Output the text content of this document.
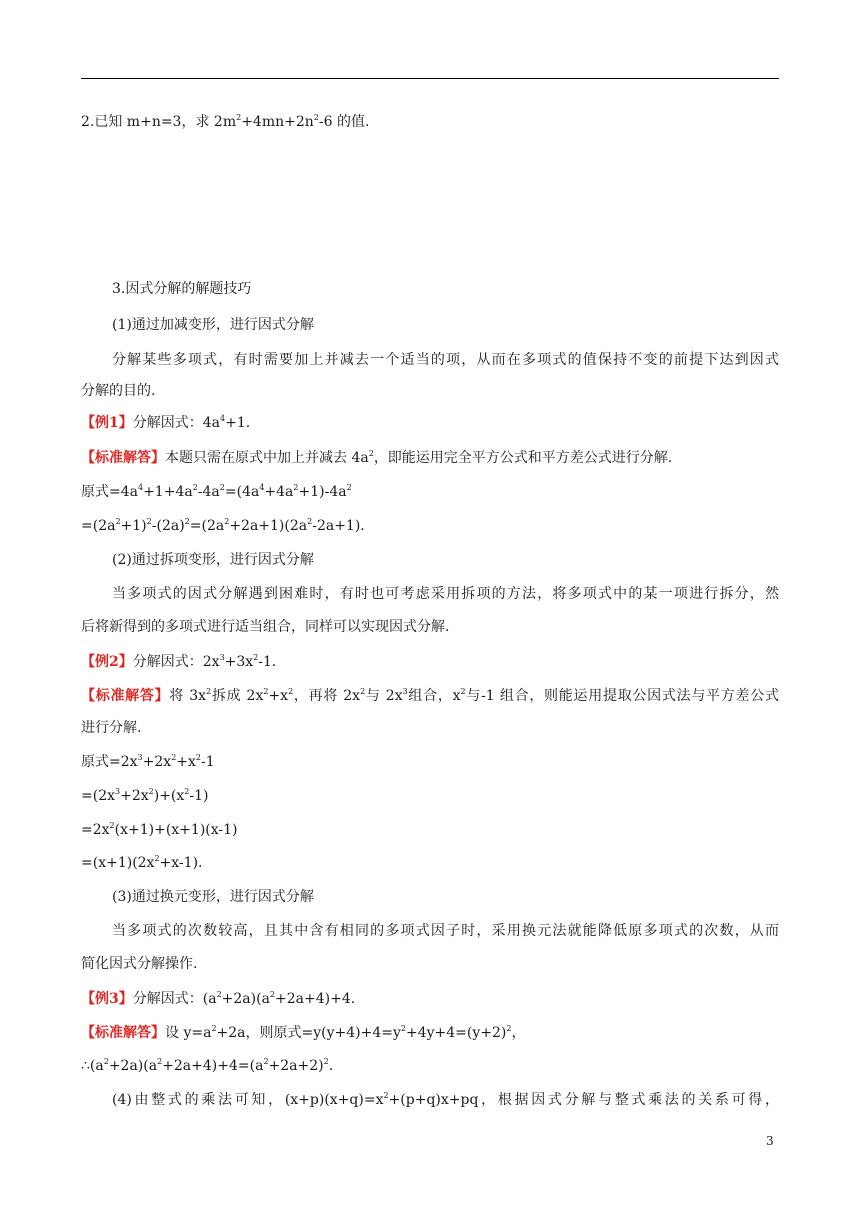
2.已知 m+n=3，求 $2m^2+4mn+2n^2-6$ 的值.
3.因式分解的解题技巧
(1)通过加减变形，进行因式分解
分解某些多项式，有时需要加上并减去一个适当的项，从而在多项式的值保持不变的前提下达到因式
分解的目的.
【例1】分解因式：$4a^4+1$.
【标准解答】本题只需在原式中加上并减去 $4a^2$，即能运用完全平方公式和平方差公式进行分解.
原式$=4a^4+1+4a^2-4a^2=(4a^4+4a^2+1)-4a^2$
$=(2a^2+1)^2-(2a)^2=(2a^2+2a+1)(2a^2-2a+1)$.
(2)通过拆项变形，进行因式分解
当多项式的因式分解遇到困难时，有时也可考虑采用拆项的方法，将多项式中的某一项进行拆分，然
后将新得到的多项式进行适当组合，同样可以实现因式分解.
【例2】分解因式：$2x^3+3x^2-1$.
【标准解答】将 $3x^2$拆成 $2x^2+x^2$，再将 $2x^2$与 $2x^3$组合，$x^2$与-1 组合，则能运用提取公因式法与平方差公式
进行分解.
原式$=2x^3+2x^2+x^2-1$
$=(2x^3+2x^2)+(x^2-1)$
$=2x^2(x+1)+(x+1)(x-1)$
$=(x+1)(2x^2+x-1)$.
(3)通过换元变形，进行因式分解
当多项式的次数较高，且其中含有相同的多项式因子时，采用换元法就能降低原多项式的次数，从而
简化因式分解操作.
【例3】分解因式：$(a^2+2a)(a^2+2a+4)+4$.
【标准解答】设 $y=a^2+2a$，则原式$=y(y+4)+4=y^2+4y+4=(y+2)^2$，
$\therefore(a^2+2a)(a^2+2a+4)+4=(a^2+2a+2)^2$.
(4)由整式的乘法可知，$(x+p)(x+q)=x^2+(p+q)x+pq$，根据因式分解与整式乘法的关系可得，
3
